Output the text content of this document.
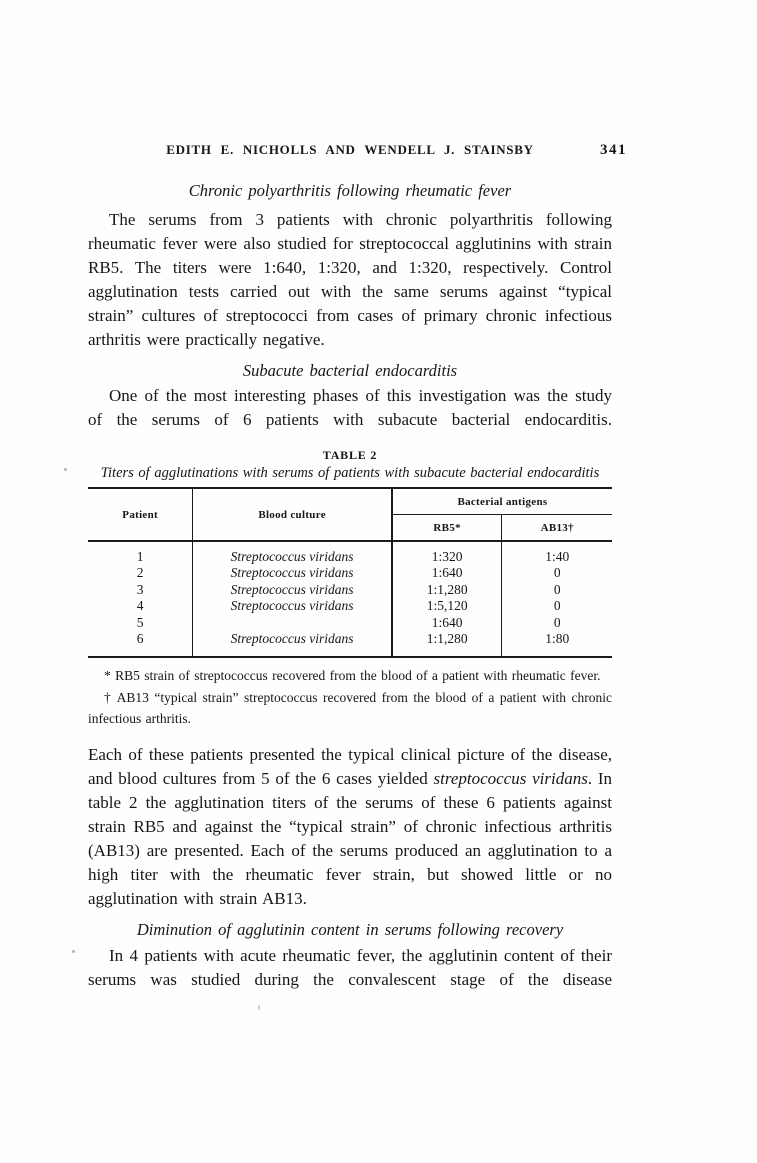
EDITH E. NICHOLLS AND WENDELL J. STAINSBY	341
Chronic polyarthritis following rheumatic fever

The serums from 3 patients with chronic polyarthritis following rheumatic fever were also studied for streptococcal agglutinins with strain RB5. The titers were 1:640, 1:320, and 1:320, respectively. Control agglutination tests carried out with the same serums against “typical strain” cultures of streptococci from cases of primary chronic infectious arthritis were practically negative.

Subacute bacterial endocarditis

One of the most interesting phases of this investigation was the study of the serums of 6 patients with subacute bacterial endocarditis.

TABLE 2
Titers of agglutinations with serums of patients with subacute bacterial endocarditis
Patient	Blood culture	Bacterial antigens	
		RB5*	AB13†
1	Streptococcus viridans	1:320	1:40
2	Streptococcus viridans	1:640	0
3	Streptococcus viridans	1:1,280	0
4	Streptococcus viridans	1:5,120	0
5		1:640	0
6	Streptococcus viridans	1:1,280	1:80

* RB5 strain of streptococcus recovered from the blood of a patient with rheumatic fever.

† AB13 “typical strain” streptococcus recovered from the blood of a patient with chronic infectious arthritis.

Each of these patients presented the typical clinical picture of the disease, and blood cultures from 5 of the 6 cases yielded streptococcus viridans. In table 2 the agglutination titers of the serums of these 6 patients against strain RB5 and against the “typical strain” of chronic infectious arthritis (AB13) are presented. Each of the serums produced an agglutination to a high titer with the rheumatic fever strain, but showed little or no agglutination with strain AB13.

Diminution of agglutinin content in serums following recovery

In 4 patients with acute rheumatic fever, the agglutinin content of their serums was studied during the convalescent stage of the disease
